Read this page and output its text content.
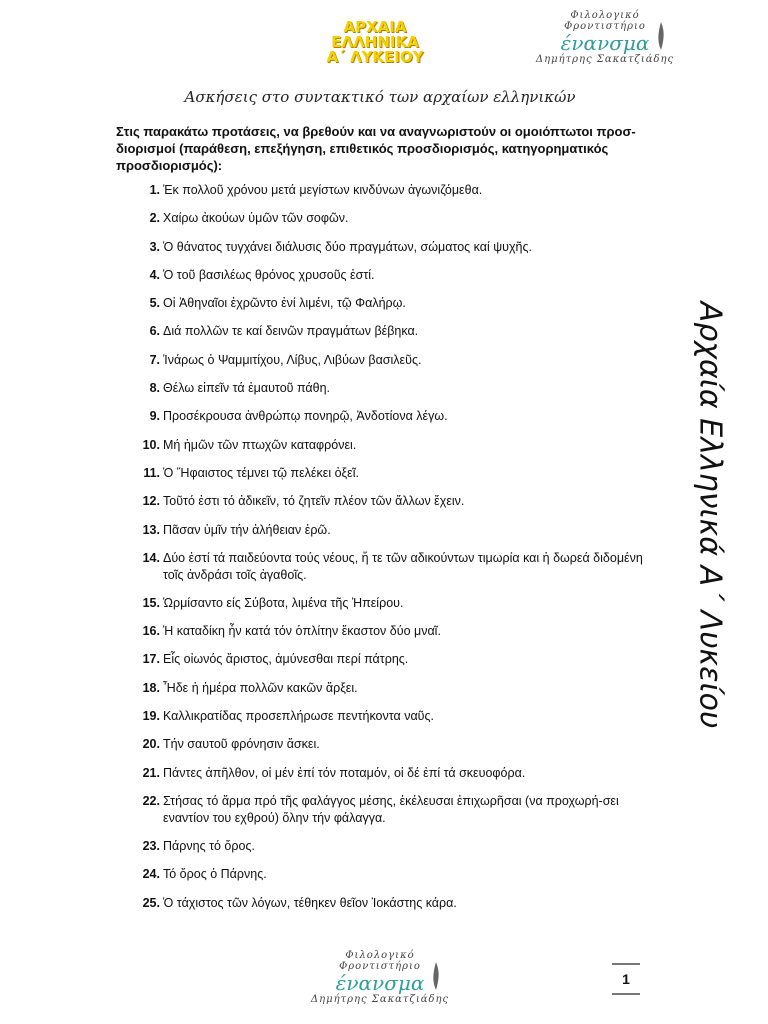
ΑΡΧΑΙΑ ΕΛΛΗΝΙΚΑ
Α΄ ΛΥΚΕΙΟΥ
Φιλολογικό Φροντιστήριο
ένανσμα
Δημήτρης Σακατζιάδης
Ασκήσεις στο συντακτικό των αρχαίων ελληνικών
Στις παρακάτω προτάσεις, να βρεθούν και να αναγνωριστούν οι ομοιόπτωτοι προσ-διορισμοί (παράθεση, επεξήγηση, επιθετικός προσδιορισμός, κατηγορηματικός προσδιορισμός):
1. Ἐκ πολλοῦ χρόνου μετά μεγίστων κινδύνων ἀγωνιζόμεθα.
2. Χαίρω ἀκούων ὑμῶν τῶν σοφῶν.
3. Ὁ θάνατος τυγχάνει διάλυσις δύο πραγμάτων, σώματος καί ψυχῆς.
4. Ὁ τοῦ βασιλέως θρόνος χρυσοῦς ἐστί.
5. Οἱ Ἀθηναῖοι ἐχρῶντο ἐνί λιμένι, τῷ Φαλήρῳ.
6. Διά πολλῶν τε καί δεινῶν πραγμάτων βέβηκα.
7. Ἰνάρως ὁ Ψαμμιτίχου, Λίβυς, Λιβύων βασιλεῦς.
8. Θέλω εἰπεῖν τά ἐμαυτοῦ πάθη.
9. Προσέκρουσα ἀνθρώπῳ πονηρῷ, Ἀνδοτίονα λέγω.
10. Μή ἡμῶν τῶν πτωχῶν καταφρόνει.
11. Ὁ Ἥφαιστος τέμνει τῷ πελέκει ὀξεῖ.
12. Τοῦτό ἐστι τό ἀδικεῖν, τό ζητεῖν πλέον τῶν ἄλλων ἔχειν.
13. Πᾶσαν ὑμῖν τήν ἀλήθειαν ἐρῶ.
14. Δύο ἐστί τά παιδεύοντα τούς νέους, ἥ τε τῶν αδικούντων τιμωρία και ἡ δωρεά διδομένη τοῖς ἀνδράσι τοῖς ἀγαθοῖς.
15. Ὡρμίσαντο είς Σύβοτα, λιμένα τῆς Ἠπείρου.
16. Ἡ καταδίκη ἦν κατά τόν ὁπλίτην ἕκαστον δύο μναῖ.
17. Εἷς οἰωνός ἄριστος, ἀμύνεσθαι περί πάτρης.
18. Ἦδε ἡ ἡμέρα πολλῶν κακῶν ἄρξει.
19. Καλλικρατίδας προσεπλήρωσε πεντήκοντα ναῦς.
20. Τήν σαυτοῦ φρόνησιν ἄσκει.
21. Πάντες ἀπῆλθον, οἱ μέν ἐπί τόν ποταμόν, οἱ δέ ἐπί τά σκευοφόρα.
22. Στήσας τό ἅρμα πρό τῆς φαλάγγος μέσης, ἐκέλευσαι ἐπιχωρῆσαι (να προχωρή-σει εναντίον του εχθρού) ὅλην τήν φάλαγγα.
23. Πάρνης τό ὄρος.
24. Τό ὄρος ὁ Πάρνης.
25. Ὁ τάχιστος τῶν λόγων, τέθηκεν θεῖον Ἰοκάστης κάρα.
Αρχαία Ελληνικά Α΄ Λυκείου
Φιλολογικό Φροντιστήριο
ένανσμα
Δημήτρης Σακατζιάδης
1
